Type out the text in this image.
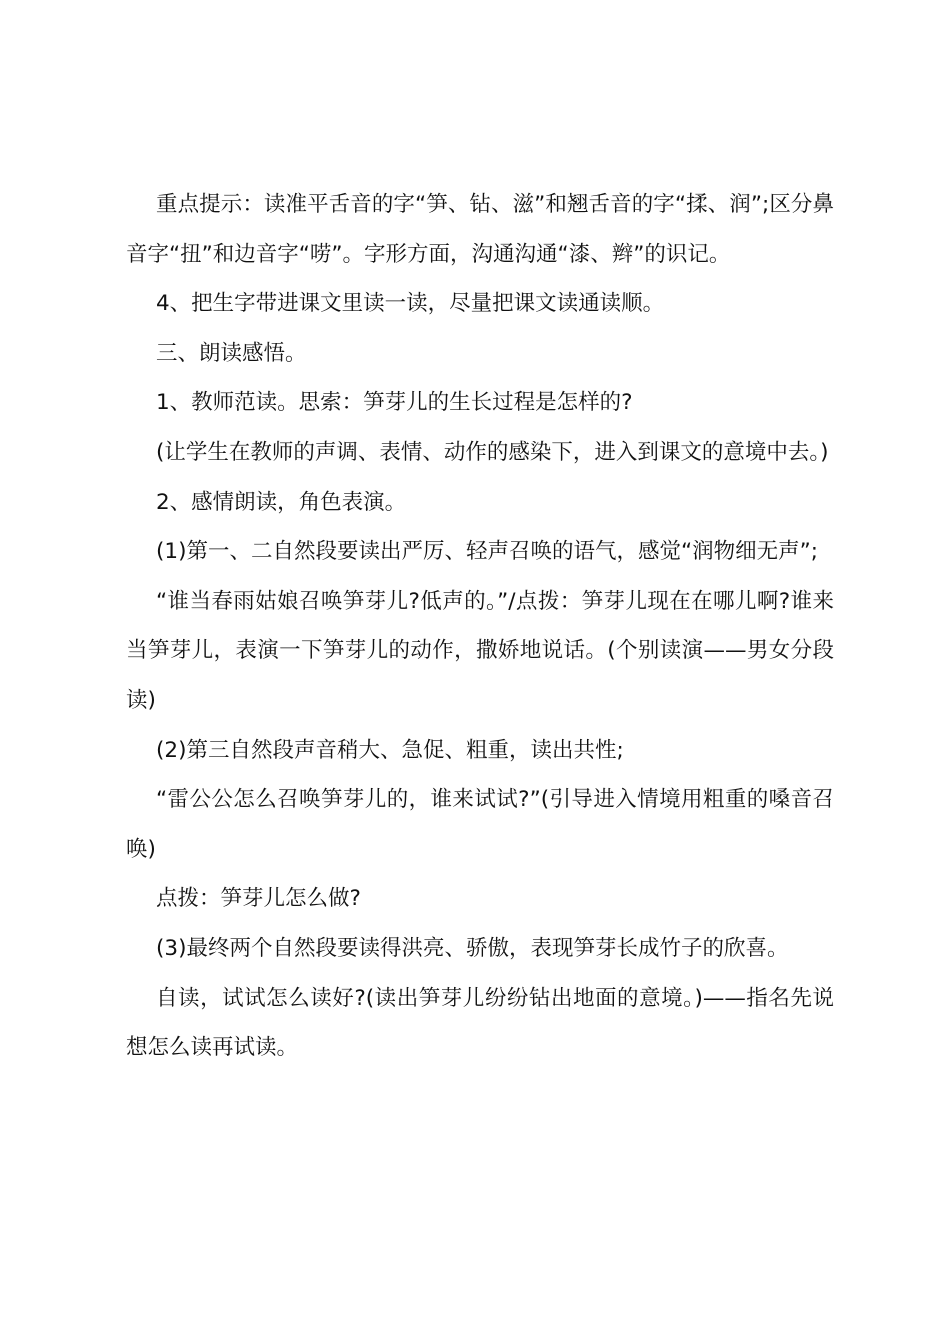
重点提示：读准平舌音的字“笋、钻、滋”和翘舌音的字“揉、润”;区分鼻音字“扭”和边音字“唠”。字形方面，沟通沟通“漆、辫”的识记。

4、把生字带进课文里读一读，尽量把课文读通读顺。

三、朗读感悟。

1、教师范读。思索：笋芽儿的生长过程是怎样的?

(让学生在教师的声调、表情、动作的感染下，进入到课文的意境中去。)

2、感情朗读，角色表演。

(1)第一、二自然段要读出严厉、轻声召唤的语气，感觉“润物细无声”;

“谁当春雨姑娘召唤笋芽儿?低声的。”/点拨：笋芽儿现在在哪儿啊?谁来当笋芽儿，表演一下笋芽儿的动作，撒娇地说话。(个别读演——男女分段读)

(2)第三自然段声音稍大、急促、粗重，读出共性;

“雷公公怎么召唤笋芽儿的，谁来试试?”(引导进入情境用粗重的嗓音召唤)

点拨：笋芽儿怎么做?

(3)最终两个自然段要读得洪亮、骄傲，表现笋芽长成竹子的欣喜。

自读，试试怎么读好?(读出笋芽儿纷纷钻出地面的意境。)——指名先说想怎么读再试读。
